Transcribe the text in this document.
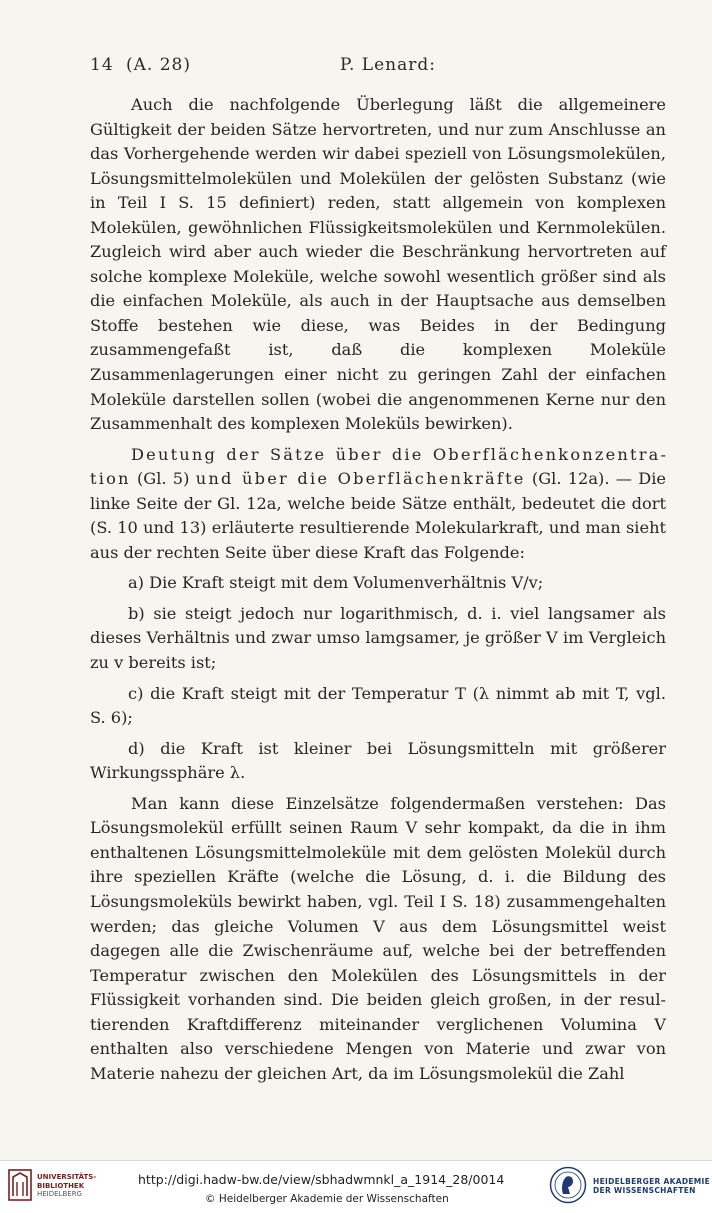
14 (A. 28)	P. Lenard:

Auch die nachfolgende Überlegung läßt die allgemeinere Gültigkeit der beiden Sätze hervortreten, und nur zum Anschlusse an das Vorhergehende werden wir dabei speziell von Lösungsmolekülen, Lösungsmittelmolekülen und Molekülen der gelösten Substanz (wie in Teil I S. 15 definiert) reden, statt allgemein von komplexen Molekülen, gewöhnlichen Flüssigkeitsmolekülen und Kernmolekülen. Zugleich wird aber auch wieder die Beschränkung hervortreten auf solche komplexe Moleküle, welche sowohl wesentlich größer sind als die einfachen Moleküle, als auch in der Hauptsache aus demselben Stoffe bestehen wie diese, was Beides in der Bedingung zusammengefaßt ist, daß die komplexen Moleküle Zusammenlagerungen einer nicht zu geringen Zahl der einfachen Moleküle darstellen sollen (wobei die angenommenen Kerne nur den Zusammenhalt des komplexen Moleküls bewirken).

Deutung der Sätze über die Oberflächenkonzentration (Gl. 5) und über die Oberflächenkräfte (Gl. 12a). — Die linke Seite der Gl. 12a, welche beide Sätze enthält, bedeutet die dort (S. 10 und 13) erläuterte resultierende Molekularkraft, und man sieht aus der rechten Seite über diese Kraft das Folgende:

a) Die Kraft steigt mit dem Volumenverhältnis V/v;

b) sie steigt jedoch nur logarithmisch, d. i. viel langsamer als dieses Verhältnis und zwar umso lamgsamer, je größer V im Vergleich zu v bereits ist;

c) die Kraft steigt mit der Temperatur T (λ nimmt ab mit T, vgl. S. 6);

d) die Kraft ist kleiner bei Lösungsmitteln mit größerer Wirkungssphäre λ.

Man kann diese Einzelsätze folgendermaßen verstehen: Das Lösungsmolekül erfüllt seinen Raum V sehr kompakt, da die in ihm enthaltenen Lösungsmittelmoleküle mit dem gelösten Molekül durch ihre speziellen Kräfte (welche die Lösung, d. i. die Bildung des Lösungsmoleküls bewirkt haben, vgl. Teil I S. 18) zusammengehalten werden; das gleiche Volumen V aus dem Lösungsmittel weist dagegen alle die Zwischenräume auf, welche bei der betreffenden Temperatur zwischen den Molekülen des Lösungsmittels in der Flüssigkeit vorhanden sind. Die beiden gleich großen, in der resultierenden Kraftdifferenz miteinander verglichenen Volumina V enthalten also verschiedene Mengen von Materie und zwar von Materie nahezu der gleichen Art, da im Lösungsmolekül die Zahl

UNIVERSITÄTS-
BIBLIOTHEK
HEIDELBERG
http://digi.hadw-bw.de/view/sbhadwmnkl_a_1914_28/0014
© Heidelberger Akademie der Wissenschaften
HEIDELBERGER AKADEMIE
DER WISSENSCHAFTEN
